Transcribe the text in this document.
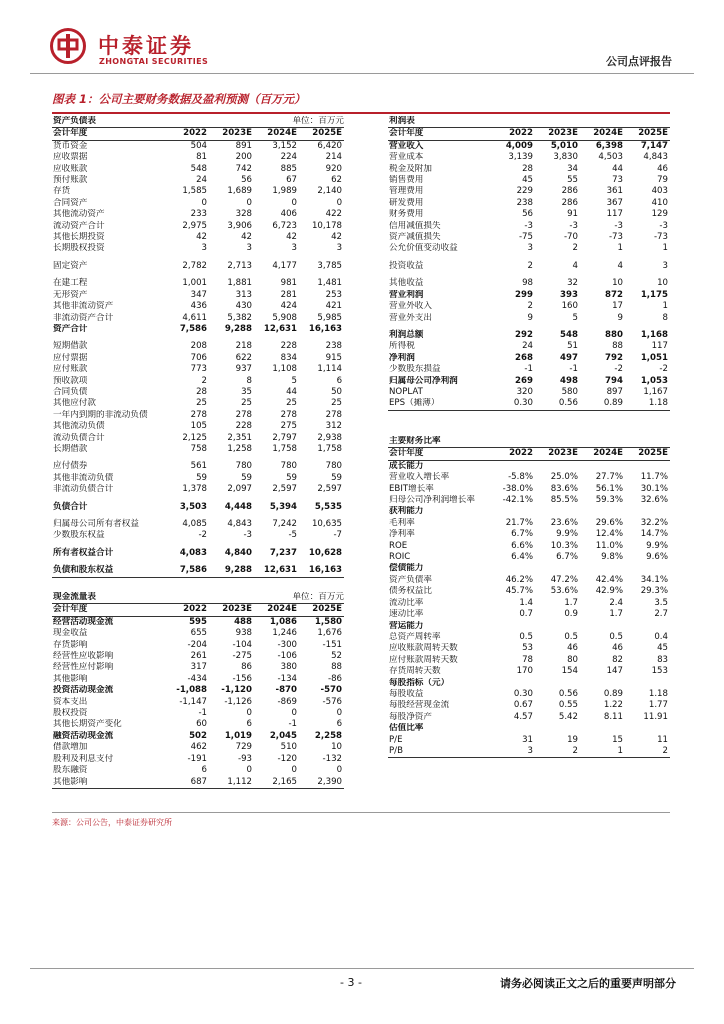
中泰证券
ZHONGTAI SECURITIES	公司点评报告
图表 1：公司主要财务数据及盈利预测（百万元）
资产负债表		单位：百万元		
会计年度	2022	2023E	2024E	2025E
货币资金	504	891	3,152	6,420
应收票据	81	200	224	214
应收账款	548	742	885	920
预付账款	24	56	67	62
存货	1,585	1,689	1,989	2,140
合同资产	0	0	0	0
其他流动资产	233	328	406	422
流动资产合计	2,975	3,906	6,723	10,178
其他长期投资	42	42	42	42
长期股权投资	3	3	3	3
固定资产	2,782	2,713	4,177	3,785
在建工程	1,001	1,881	981	1,481
无形资产	347	313	281	253
其他非流动资产	436	430	424	421
非流动资产合计	4,611	5,382	5,908	5,985
资产合计	7,586	9,288	12,631	16,163
短期借款	208	218	228	238
应付票据	706	622	834	915
应付账款	773	937	1,108	1,114
预收款项	2	8	5	6
合同负债	28	35	44	50
其他应付款	25	25	25	25
一年内到期的非流动负债	278	278	278	278
其他流动负债	105	228	275	312
流动负债合计	2,125	2,351	2,797	2,938
长期借款	758	1,258	1,758	1,758
应付债券	561	780	780	780
其他非流动负债	59	59	59	59
非流动负债合计	1,378	2,097	2,597	2,597
负债合计	3,503	4,448	5,394	5,535
归属母公司所有者权益	4,085	4,843	7,242	10,635
少数股东权益	-2	-3	-5	-7
所有者权益合计	4,083	4,840	7,237	10,628
负债和股东权益	7,586	9,288	12,631	16,163
利润表				
会计年度	2022	2023E	2024E	2025E
营业收入	4,009	5,010	6,398	7,147
营业成本	3,139	3,830	4,503	4,843
税金及附加	28	34	44	46
销售费用	45	55	73	79
管理费用	229	286	361	403
研发费用	238	286	367	410
财务费用	56	91	117	129
信用减值损失	-3	-3	-3	-3
资产减值损失	-75	-70	-73	-73
公允价值变动收益	3	2	1	1
投资收益	2	4	4	3
其他收益	98	32	10	10
营业利润	299	393	872	1,175
营业外收入	2	160	17	1
营业外支出	9	5	9	8
利润总额	292	548	880	1,168
所得税	24	51	88	117
净利润	268	497	792	1,051
少数股东损益	-1	-1	-2	-2
归属母公司净利润	269	498	794	1,053
NOPLAT	320	580	897	1,167
EPS（摊薄）	0.30	0.56	0.89	1.18
主要财务比率				
会计年度	2022	2023E	2024E	2025E
成长能力				
营业收入增长率	-5.8%	25.0%	27.7%	11.7%
EBIT增长率	-38.0%	83.6%	56.1%	30.1%
归母公司净利润增长率	-42.1%	85.5%	59.3%	32.6%
获利能力				
毛利率	21.7%	23.6%	29.6%	32.2%
净利率	6.7%	9.9%	12.4%	14.7%
ROE	6.6%	10.3%	11.0%	9.9%
ROIC	6.4%	6.7%	9.8%	9.6%
偿债能力				
资产负债率	46.2%	47.2%	42.4%	34.1%
债务权益比	45.7%	53.6%	42.9%	29.3%
流动比率	1.4	1.7	2.4	3.5
速动比率	0.7	0.9	1.7	2.7
营运能力				
总资产周转率	0.5	0.5	0.5	0.4
应收账款周转天数	53	46	46	45
应付账款周转天数	78	80	82	83
存货周转天数	170	154	147	153
每股指标（元）				
每股收益	0.30	0.56	0.89	1.18
每股经营现金流	0.67	0.55	1.22	1.77
每股净资产	4.57	5.42	8.11	11.91
估值比率				
P/E	31	19	15	11
P/B	3	2	1	2
现金流量表		单位：百万元		
会计年度	2022	2023E	2024E	2025E
经营活动现金流	595	488	1,086	1,580
现金收益	655	938	1,246	1,676
存货影响	-204	-104	-300	-151
经营性应收影响	261	-275	-106	52
经营性应付影响	317	86	380	88
其他影响	-434	-156	-134	-86
投资活动现金流	-1,088	-1,120	-870	-570
资本支出	-1,147	-1,126	-869	-576
股权投资	-1	0	0	0
其他长期资产变化	60	6	-1	6
融资活动现金流	502	1,019	2,045	2,258
借款增加	462	729	510	10
股利及利息支付	-191	-93	-120	-132
股东融资	6	0	0	0
其他影响	687	1,112	2,165	2,390
来源：公司公告，中泰证券研究所
- 3 -	请务必阅读正文之后的重要声明部分
